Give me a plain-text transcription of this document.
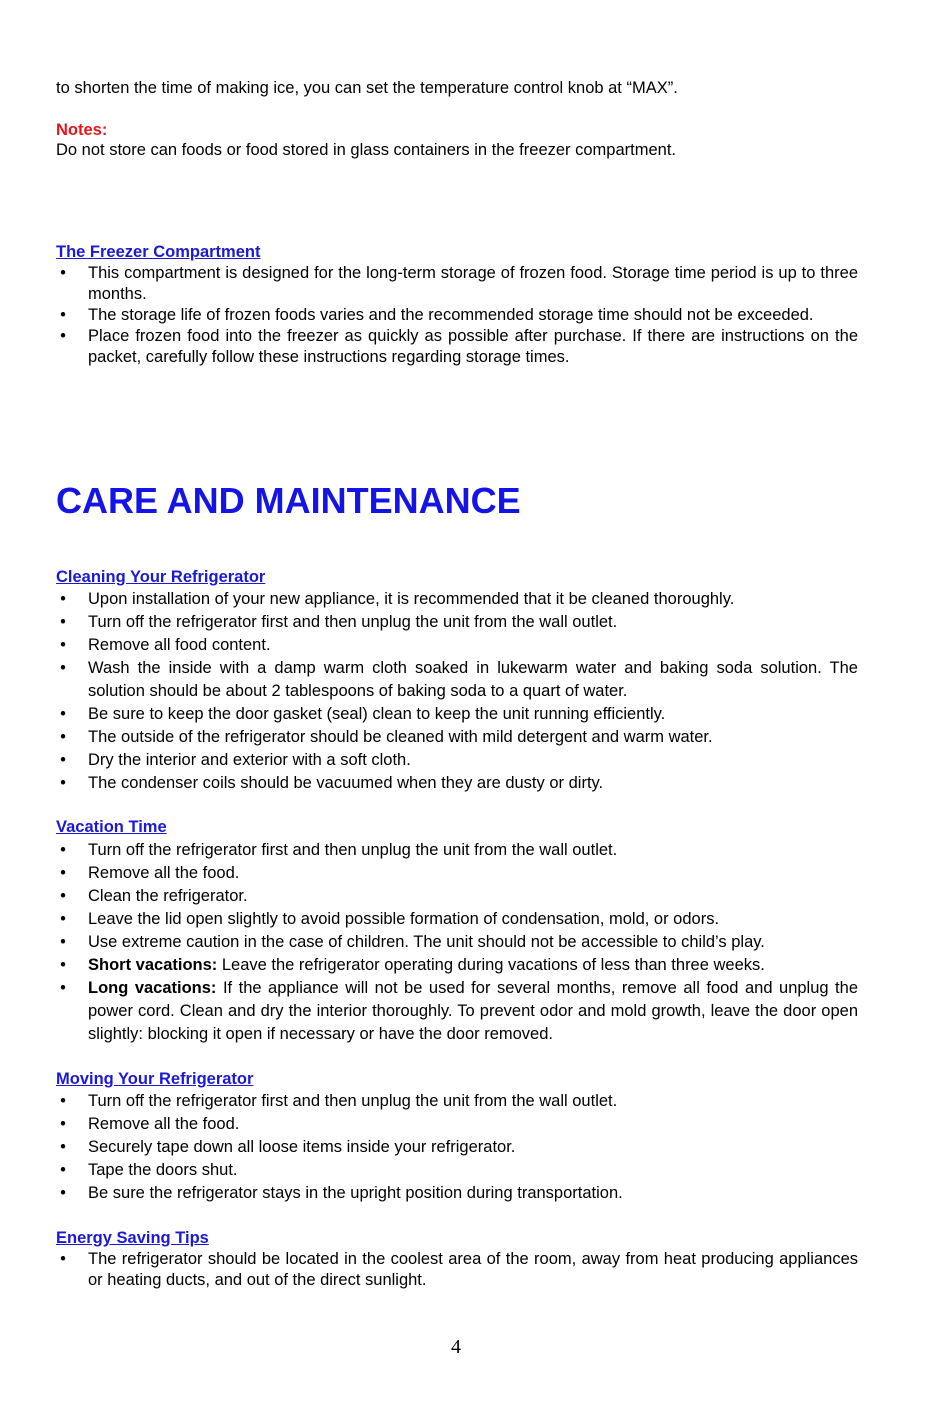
to shorten the time of making ice, you can set the temperature control knob at “MAX”.
Notes:
Do not store can foods or food stored in glass containers in the freezer compartment.
The Freezer Compartment
• This compartment is designed for the long-term storage of frozen food. Storage time period is up to three months.
• The storage life of frozen foods varies and the recommended storage time should not be exceeded.
• Place frozen food into the freezer as quickly as possible after purchase. If there are instructions on the packet, carefully follow these instructions regarding storage times.
CARE AND MAINTENANCE
Cleaning Your Refrigerator
• Upon installation of your new appliance, it is recommended that it be cleaned thoroughly.
• Turn off the refrigerator first and then unplug the unit from the wall outlet.
• Remove all food content.
• Wash the inside with a damp warm cloth soaked in lukewarm water and baking soda solution. The solution should be about 2 tablespoons of baking soda to a quart of water.
• Be sure to keep the door gasket (seal) clean to keep the unit running efficiently.
• The outside of the refrigerator should be cleaned with mild detergent and warm water.
• Dry the interior and exterior with a soft cloth.
• The condenser coils should be vacuumed when they are dusty or dirty.
Vacation Time
• Turn off the refrigerator first and then unplug the unit from the wall outlet.
• Remove all the food.
• Clean the refrigerator.
• Leave the lid open slightly to avoid possible formation of condensation, mold, or odors.
• Use extreme caution in the case of children. The unit should not be accessible to child’s play.
• Short vacations: Leave the refrigerator operating during vacations of less than three weeks.
• Long vacations: If the appliance will not be used for several months, remove all food and unplug the power cord. Clean and dry the interior thoroughly. To prevent odor and mold growth, leave the door open slightly: blocking it open if necessary or have the door removed.
Moving Your Refrigerator
• Turn off the refrigerator first and then unplug the unit from the wall outlet.
• Remove all the food.
• Securely tape down all loose items inside your refrigerator.
• Tape the doors shut.
• Be sure the refrigerator stays in the upright position during transportation.
Energy Saving Tips
• The refrigerator should be located in the coolest area of the room, away from heat producing appliances or heating ducts, and out of the direct sunlight.
4
